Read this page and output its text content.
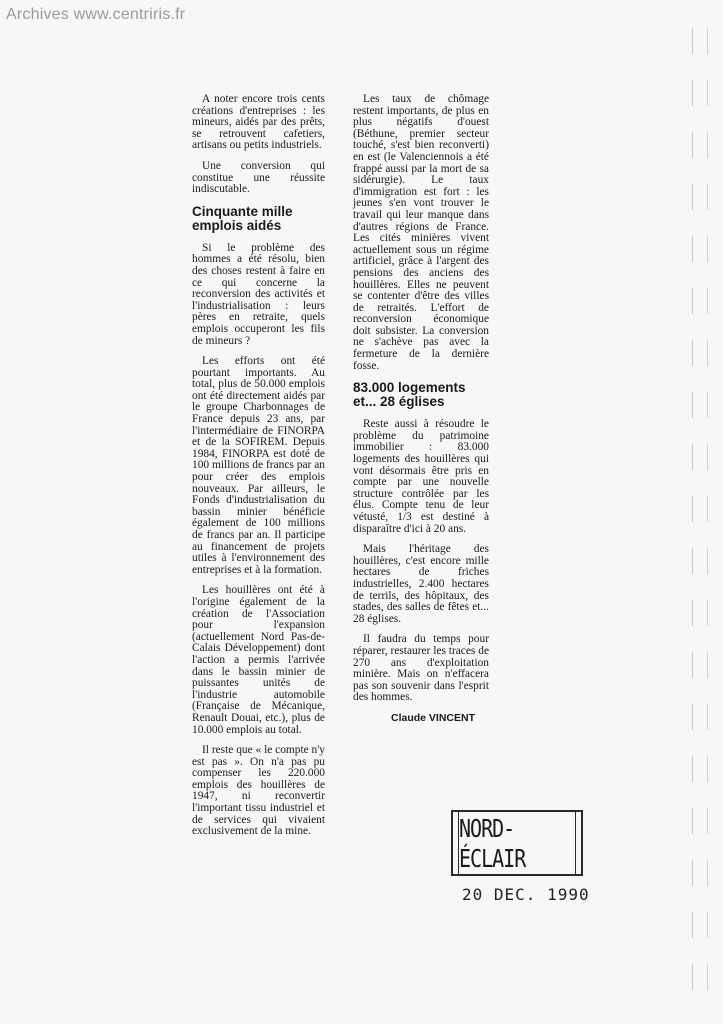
Archives www.centriris.fr

A noter encore trois cents créations d'entreprises : les mineurs, aidés par des prêts, se retrouvent cafetiers, artisans ou petits industriels.

Une conversion qui constitue une réussite indiscutable.

Cinquante mille emplois aidés

Si le problème des hommes a été résolu, bien des choses restent à faire en ce qui concerne la reconversion des activités et l'industrialisation : leurs pères en retraite, quels emplois occuperont les fils de mineurs ?

Les efforts ont été pourtant importants. Au total, plus de 50.000 emplois ont été directement aidés par le groupe Charbonnages de France depuis 23 ans, par l'intermédiaire de FINORPA et de la SOFIREM. Depuis 1984, FINORPA est doté de 100 millions de francs par an pour créer des emplois nouveaux. Par ailleurs, le Fonds d'industrialisation du bassin minier bénéficie également de 100 millions de francs par an. Il participe au financement de projets utiles à l'environnement des entreprises et à la formation.

Les houillères ont été à l'origine également de la création de l'Association pour l'expansion (actuellement Nord Pas-de-Calais Développement) dont l'action a permis l'arrivée dans le bassin minier de puissantes unités de l'industrie automobile (Française de Mécanique, Renault Douai, etc.), plus de 10.000 emplois au total.

Il reste que « le compte n'y est pas ». On n'a pas pu compenser les 220.000 emplois des houillères de 1947, ni reconvertir l'important tissu industriel et de services qui vivaient exclusivement de la mine.

Les taux de chômage restent importants, de plus en plus négatifs d'ouest (Béthune, premier secteur touché, s'est bien reconverti) en est (le Valenciennois a été frappé aussi par la mort de sa sidérurgie). Le taux d'immigration est fort : les jeunes s'en vont trouver le travail qui leur manque dans d'autres régions de France. Les cités minières vivent actuellement sous un régime artificiel, grâce à l'argent des pensions des anciens des houillères. Elles ne peuvent se contenter d'être des villes de retraités. L'effort de reconversion économique doit subsister. La conversion ne s'achève pas avec la fermeture de la dernière fosse.

83.000 logements et... 28 églises

Reste aussi à résoudre le problème du patrimoine immobilier : 83.000 logements des houillères qui vont désormais être pris en compte par une nouvelle structure contrôlée par les élus. Compte tenu de leur vétusté, 1/3 est destiné à disparaître d'ici à 20 ans.

Mais l'héritage des houillères, c'est encore mille hectares de friches industrielles, 2.400 hectares de terrils, des hôpitaux, des stades, des salles de fêtes et... 28 églises.

Il faudra du temps pour réparer, restaurer les traces de 270 ans d'exploitation minière. Mais on n'effacera pas son souvenir dans l'esprit des hommes.

Claude VINCENT
NORD-ÉCLAIR
20 DEC. 1990
